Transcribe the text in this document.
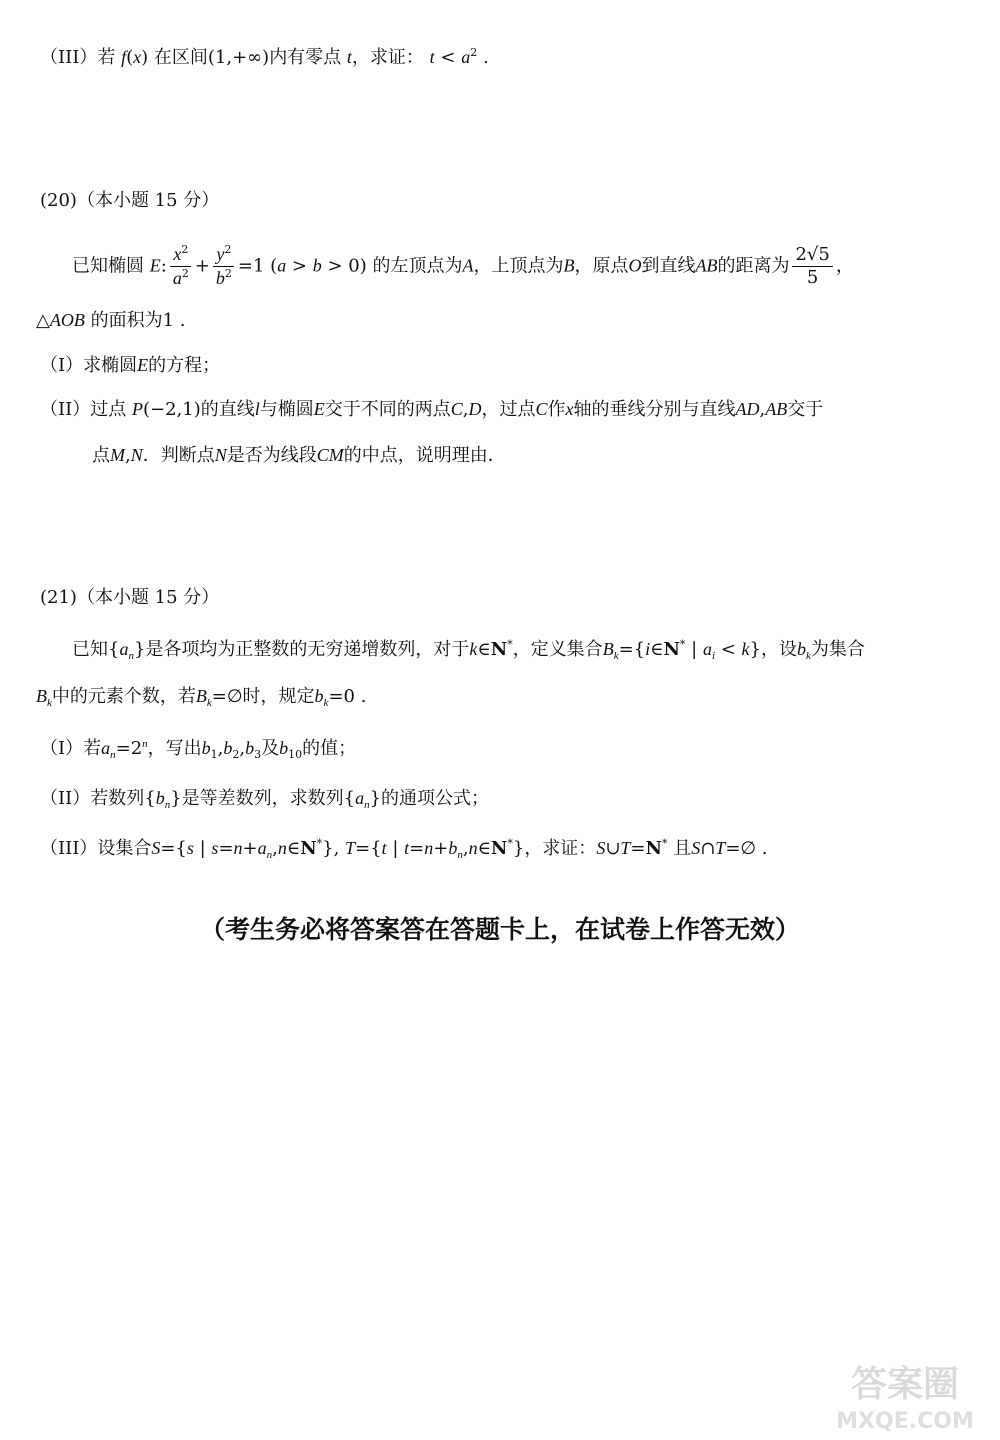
（III）若 f(x) 在区间(1,+∞)内有零点 t，求证： $t < a^2$ .
(20)（本小题 15 分）
已知椭圆 E: $\frac{x^2}{a^2} + \frac{y^2}{b^2} =1$ (a > b > 0) 的左顶点为A，上顶点为B，原点O到直线AB的距离为 $\frac{2√5}{5}$ ，
△AOB 的面积为1 .
（I）求椭圆E的方程；
（II）过点 P(−2,1)的直线l与椭圆E交于不同的两点C,D，过点C作x轴的垂线分别与直线AD,AB交于
点M,N．判断点N是否为线段CM的中点，说明理由．
(21)（本小题 15 分）
已知$\{a_n\}$是各项均为正整数的无穷递增数列，对于k∈N*，定义集合$B_k=\{i\in N^*$ | $a_i < k$}，设$b_k$为集合
$B_k$中的元素个数，若$B_k=\emptyset$时，规定$b_k=0$ .
（I）若$a_n=2^n$，写出$b_1,b_2,b_3$及$b_{10}$的值；
（II）若数列$\{b_n\}$是等差数列，求数列$\{a_n\}$的通项公式；
（III）设集合S={s | $s=n+a_n,n\in N^*$}, T={t | $t=n+b_n,n\in N^*$}，求证：S∪T=N* 且S∩T=∅ .
（考生务必将答案答在答题卡上，在试卷上作答无效）
答案圈
MXQE.COM
